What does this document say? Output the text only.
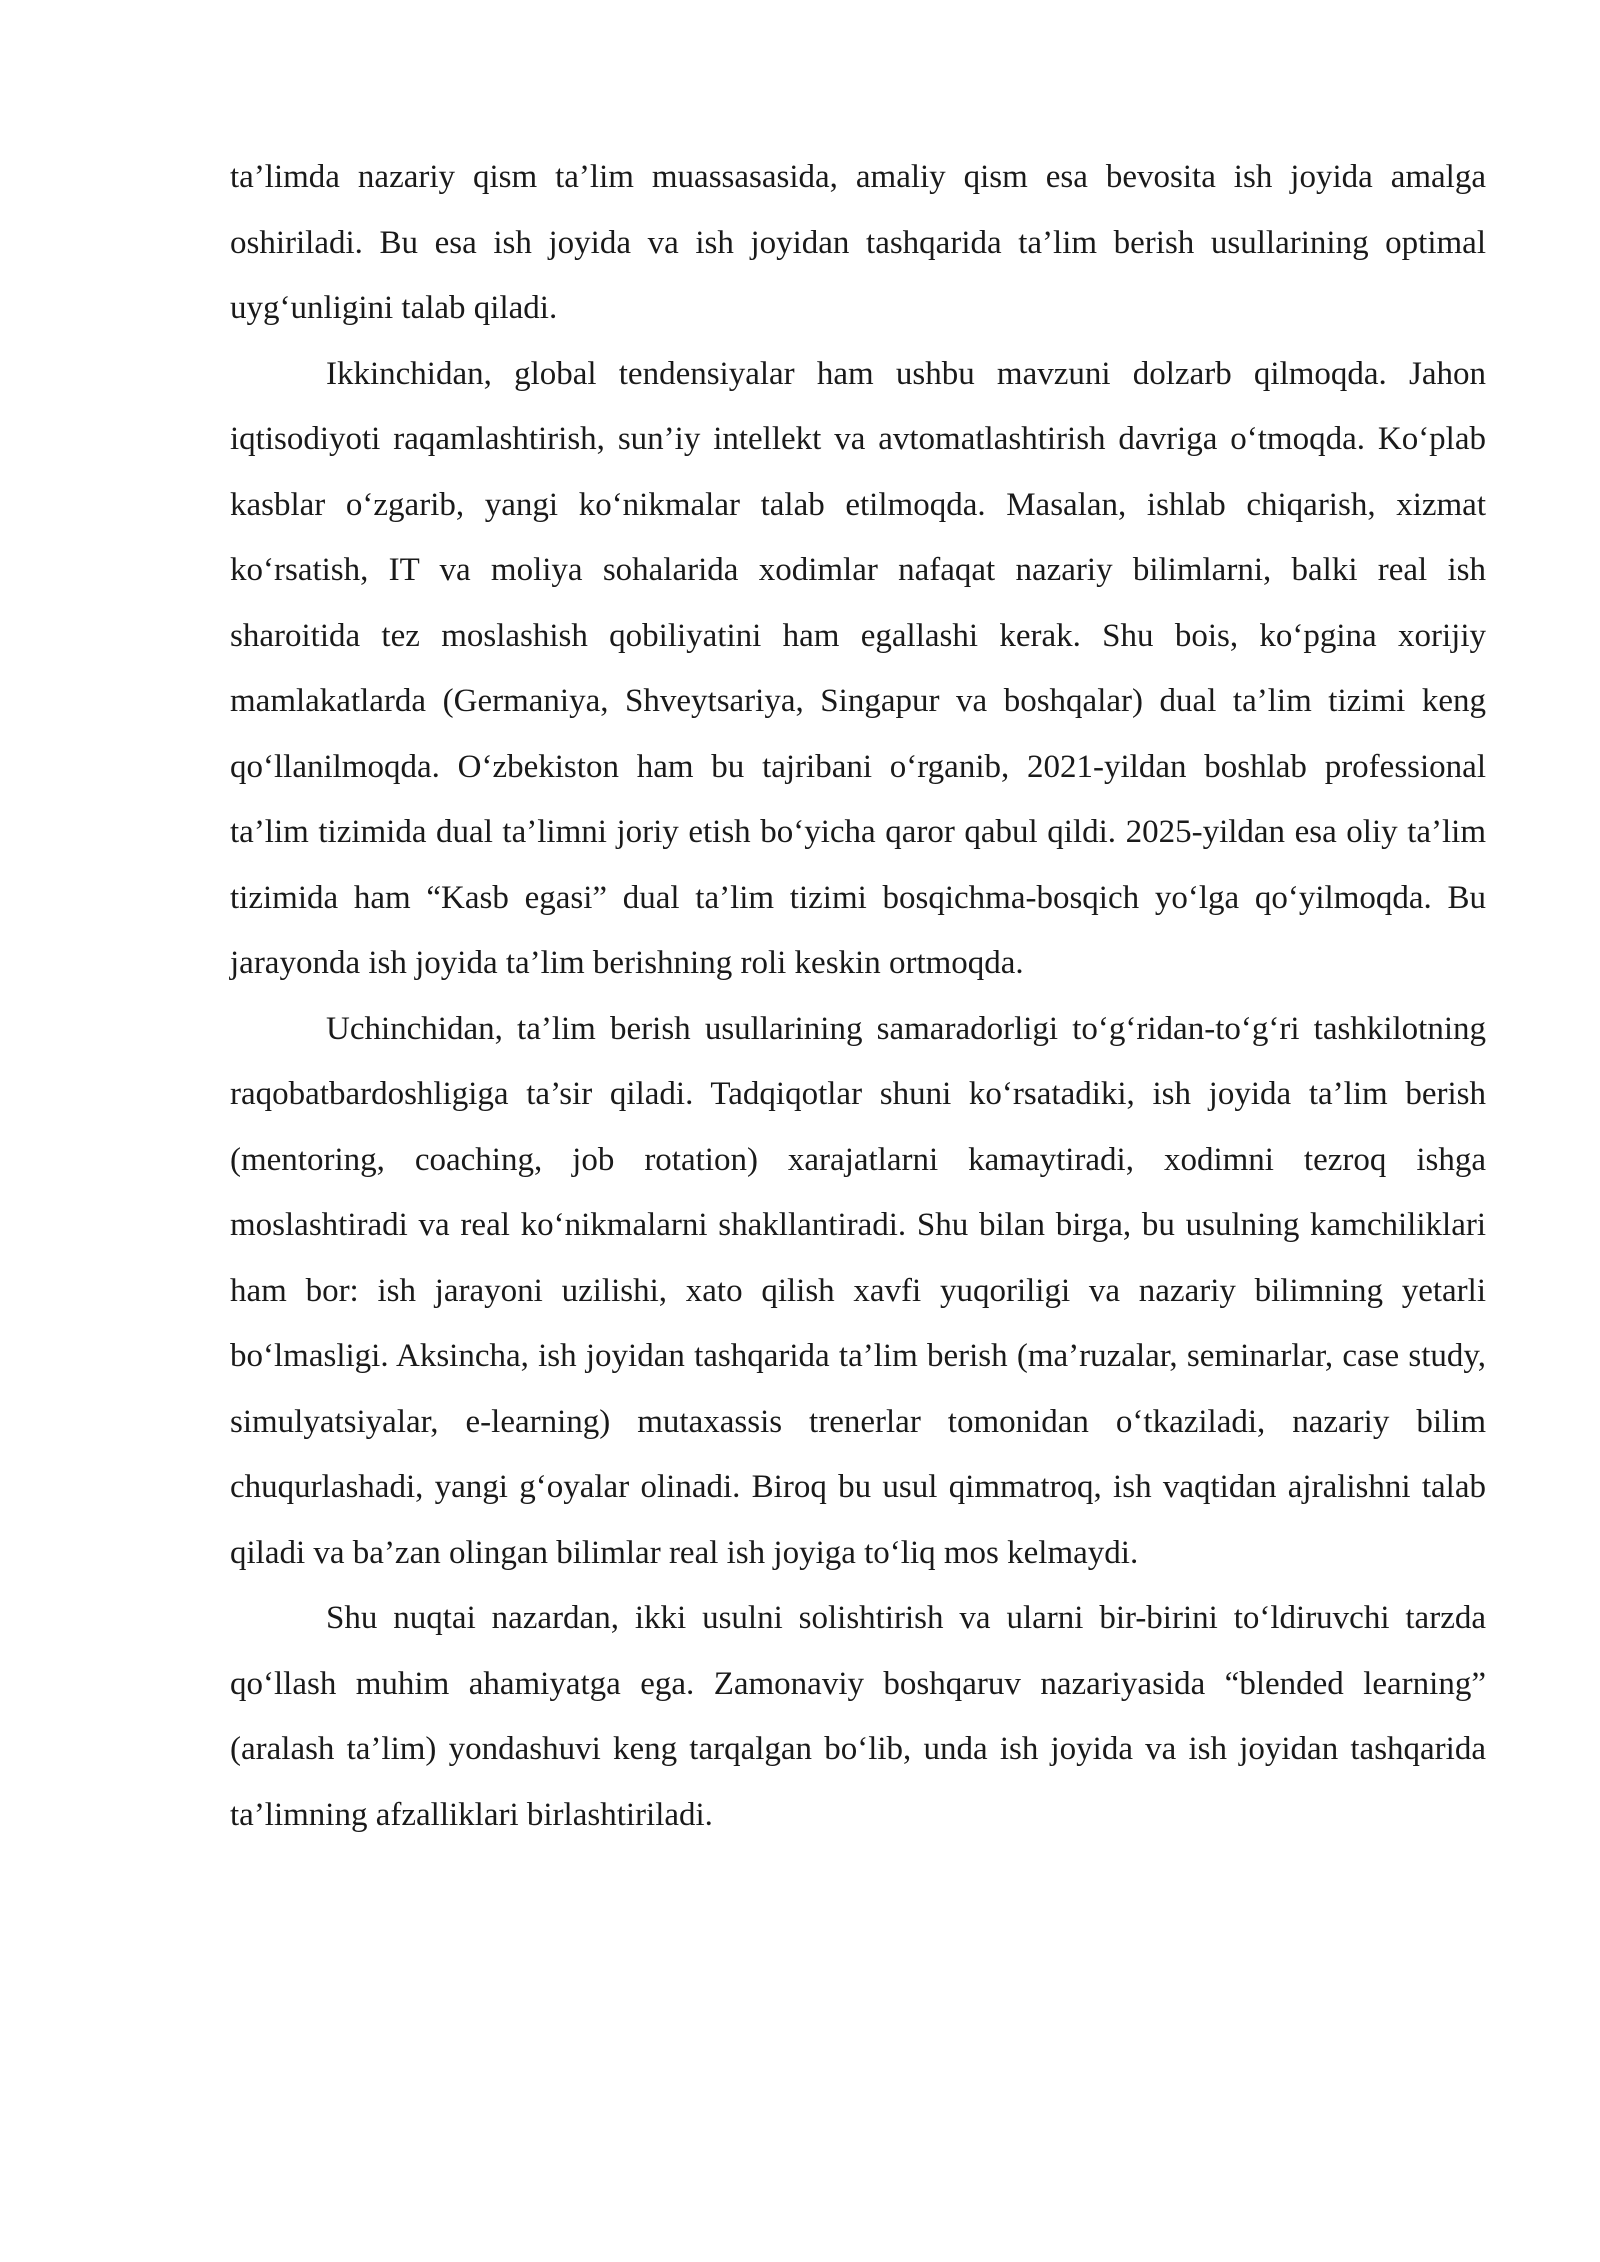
ta’limda nazariy qism ta’lim muassasasida, amaliy qism esa bevosita ish joyida amalga oshiriladi. Bu esa ish joyida va ish joyidan tashqarida ta’lim berish usullarining optimal uyg‘unligini talab qiladi.

Ikkinchidan, global tendensiyalar ham ushbu mavzuni dolzarb qilmoqda. Jahon iqtisodiyoti raqamlashtirish, sun’iy intellekt va avtomatlashtirish davriga o‘tmoqda. Ko‘plab kasblar o‘zgarib, yangi ko‘nikmalar talab etilmoqda. Masalan, ishlab chiqarish, xizmat ko‘rsatish, IT va moliya sohalarida xodimlar nafaqat nazariy bilimlarni, balki real ish sharoitida tez moslashish qobiliyatini ham egallashi kerak. Shu bois, ko‘pgina xorijiy mamlakatlarda (Germaniya, Shveytsariya, Singapur va boshqalar) dual ta’lim tizimi keng qo‘llanilmoqda. O‘zbekiston ham bu tajribani o‘rganib, 2021-yildan boshlab professional ta’lim tizimida dual ta’limni joriy etish bo‘yicha qaror qabul qildi. 2025-yildan esa oliy ta’lim tizimida ham “Kasb egasi” dual ta’lim tizimi bosqichma-bosqich yo‘lga qo‘yilmoqda. Bu jarayonda ish joyida ta’lim berishning roli keskin ortmoqda.

Uchinchidan, ta’lim berish usullarining samaradorligi to‘g‘ridan-to‘g‘ri tashkilotning raqobatbardoshligiga ta’sir qiladi. Tadqiqotlar shuni ko‘rsatadiki, ish joyida ta’lim berish (mentoring, coaching, job rotation) xarajatlarni kamaytiradi, xodimni tezroq ishga moslashtiradi va real ko‘nikmalarni shakllantiradi. Shu bilan birga, bu usulning kamchiliklari ham bor: ish jarayoni uzilishi, xato qilish xavfi yuqoriligi va nazariy bilimning yetarli bo‘lmasligi. Aksincha, ish joyidan tashqarida ta’lim berish (ma’ruzalar, seminarlar, case study, simulyatsiyalar, e-learning) mutaxassis trenerlar tomonidan o‘tkaziladi, nazariy bilim chuqurlashadi, yangi g‘oyalar olinadi. Biroq bu usul qimmatroq, ish vaqtidan ajralishni talab qiladi va ba’zan olingan bilimlar real ish joyiga to‘liq mos kelmaydi.

Shu nuqtai nazardan, ikki usulni solishtirish va ularni bir-birini to‘ldiruvchi tarzda qo‘llash muhim ahamiyatga ega. Zamonaviy boshqaruv nazariyasida “blended learning” (aralash ta’lim) yondashuvi keng tarqalgan bo‘lib, unda ish joyida va ish joyidan tashqarida ta’limning afzalliklari birlashtiriladi.
